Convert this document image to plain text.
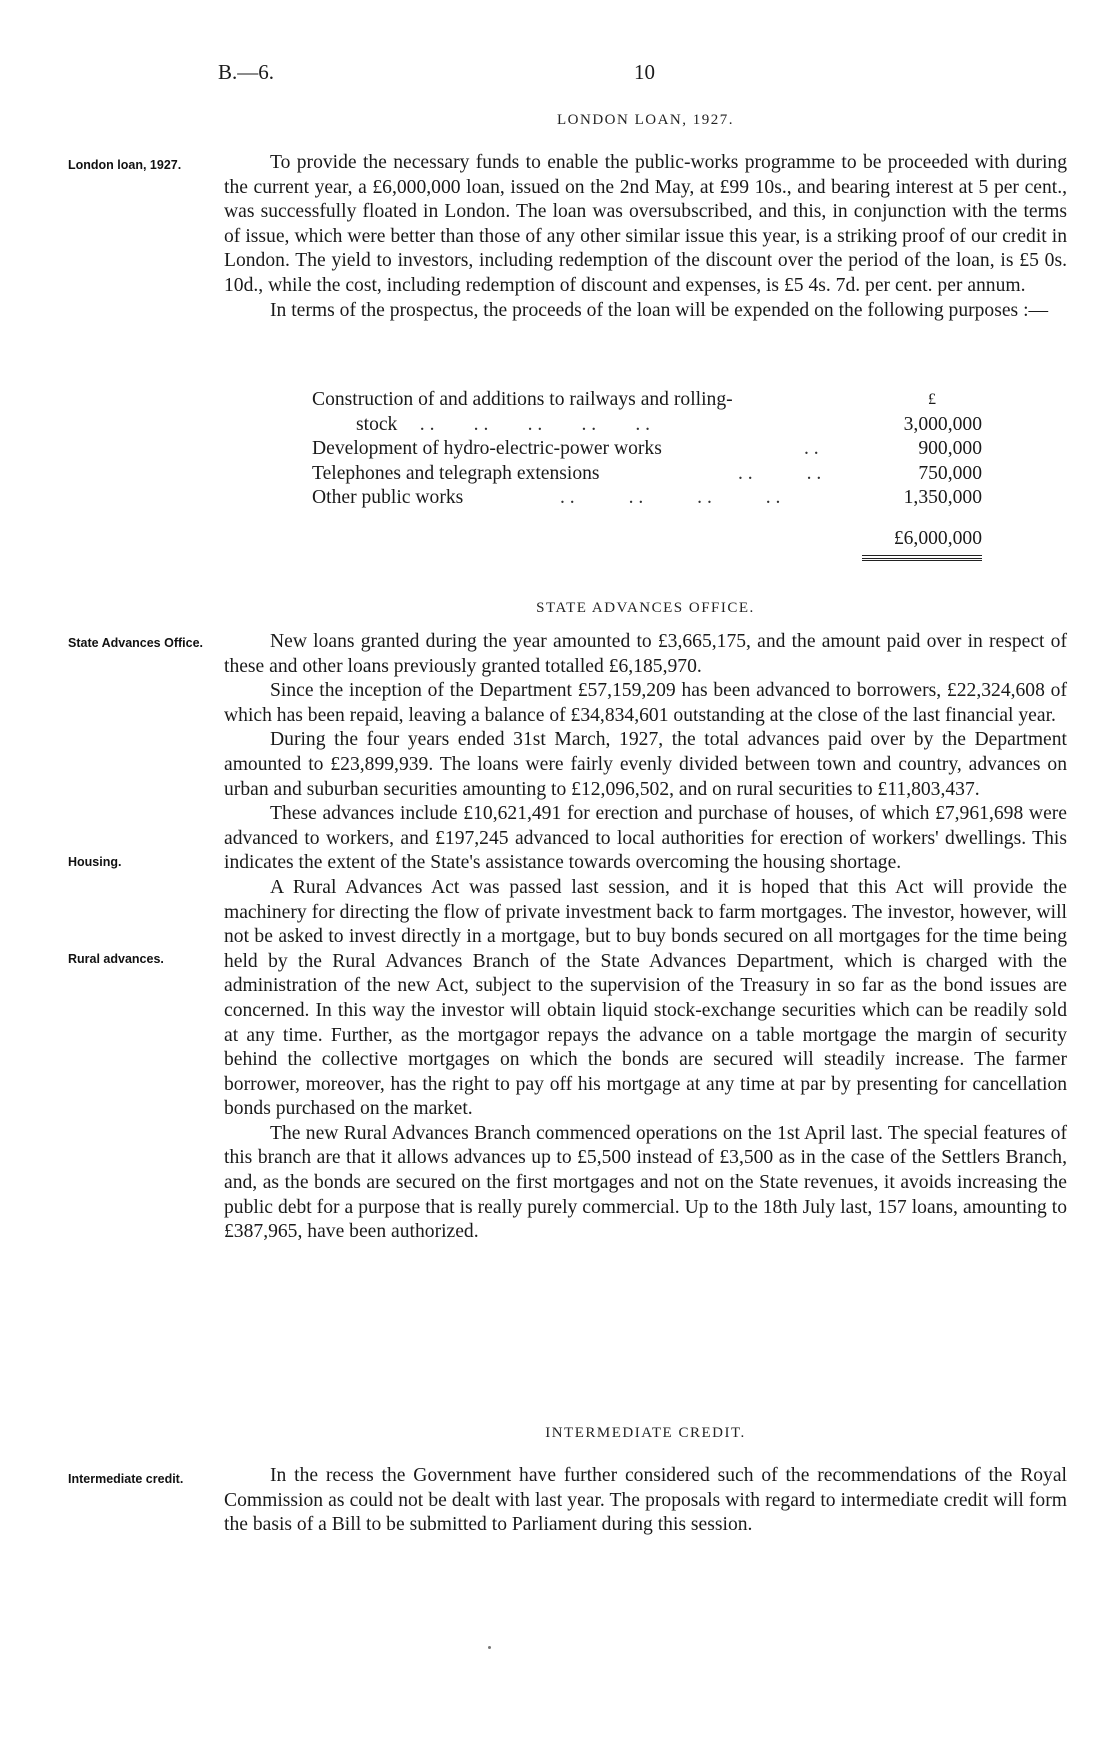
B.—6.	10
LONDON LOAN, 1927.
London loan, 1927.	To provide the necessary funds to enable the public-works programme to be proceeded with during the current year, a £6,000,000 loan, issued on the 2nd May, at £99 10s., and bearing interest at 5 per cent., was successfully floated in London. The loan was oversubscribed, and this, in conjunction with the terms of issue, which were better than those of any other similar issue this year, is a striking proof of our credit in London. The yield to investors, including redemption of the discount over the period of the loan, is £5 0s. 10d., while the cost, including redemption of discount and expenses, is £5 4s. 7d. per cent. per annum.

In terms of the prospectus, the proceeds of the loan will be expended on the following purposes :—

Construction of and additions to railways and rolling-	£
stock . .        . .        . .        . .        . .	3,000,000
Development of hydro-electric-power works	. .	900,000
Telephones and telegraph extensions	. .           . .	750,000
Other public works	. .           . .           . .           . .	1,350,000
£6,000,000
STATE ADVANCES OFFICE.
State Advances Office.
Housing.
Rural advances.

New loans granted during the year amounted to £3,665,175, and the amount paid over in respect of these and other loans previously granted totalled £6,185,970.

Since the inception of the Department £57,159,209 has been advanced to borrowers, £22,324,608 of which has been repaid, leaving a balance of £34,834,601 outstanding at the close of the last financial year.

During the four years ended 31st March, 1927, the total advances paid over by the Department amounted to £23,899,939. The loans were fairly evenly divided between town and country, advances on urban and suburban securities amounting to £12,096,502, and on rural securities to £11,803,437.

These advances include £10,621,491 for erection and purchase of houses, of which £7,961,698 were advanced to workers, and £197,245 advanced to local authorities for erection of workers' dwellings. This indicates the extent of the State's assistance towards overcoming the housing shortage.

A Rural Advances Act was passed last session, and it is hoped that this Act will provide the machinery for directing the flow of private investment back to farm mortgages. The investor, however, will not be asked to invest directly in a mortgage, but to buy bonds secured on all mortgages for the time being held by the Rural Advances Branch of the State Advances Department, which is charged with the administration of the new Act, subject to the supervision of the Treasury in so far as the bond issues are concerned. In this way the investor will obtain liquid stock-exchange securities which can be readily sold at any time. Further, as the mortgagor repays the advance on a table mortgage the margin of security behind the collective mortgages on which the bonds are secured will steadily increase. The farmer borrower, moreover, has the right to pay off his mortgage at any time at par by presenting for cancellation bonds purchased on the market.

The new Rural Advances Branch commenced operations on the 1st April last. The special features of this branch are that it allows advances up to £5,500 instead of £3,500 as in the case of the Settlers Branch, and, as the bonds are secured on the first mortgages and not on the State revenues, it avoids increasing the public debt for a purpose that is really purely commercial. Up to the 18th July last, 157 loans, amounting to £387,965, have been authorized.

INTERMEDIATE CREDIT.
Intermediate credit.	In the recess the Government have further considered such of the recommendations of the Royal Commission as could not be dealt with last year. The proposals with regard to intermediate credit will form the basis of a Bill to be submitted to Parliament during this session.
